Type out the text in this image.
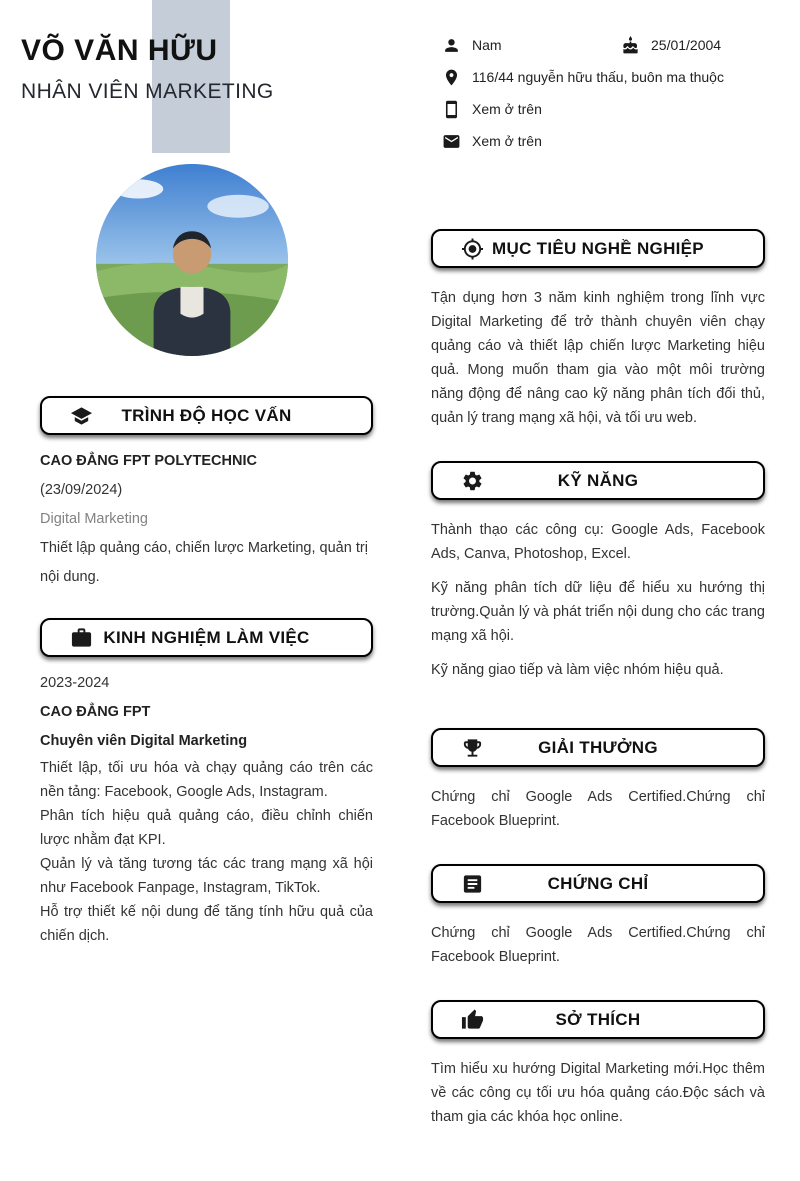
VÕ VĂN HỮU
NHÂN VIÊN MARKETING
Nam	25/01/2004
116/44 nguyễn hữu thấu, buôn ma thuộc
Xem ở trên
Xem ở trên
TRÌNH ĐỘ HỌC VẤN

CAO ĐẲNG FPT POLYTECHNIC

(23/09/2024)

Digital Marketing

Thiết lập quảng cáo, chiến lược Marketing, quản trị nội dung.

KINH NGHIỆM LÀM VIỆC

2023-2024

CAO ĐẲNG FPT

Chuyên viên Digital Marketing

Thiết lập, tối ưu hóa và chạy quảng cáo trên các nền tảng: Facebook, Google Ads, Instagram.

Phân tích hiệu quả quảng cáo, điều chỉnh chiến lược nhằm đạt KPI.

Quản lý và tăng tương tác các trang mạng xã hội như Facebook Fanpage, Instagram, TikTok.

Hỗ trợ thiết kế nội dung để tăng tính hữu quả của chiến dịch.

MỤC TIÊU NGHỀ NGHIỆP

Tận dụng hơn 3 năm kinh nghiệm trong lĩnh vực Digital Marketing để trở thành chuyên viên chạy quảng cáo và thiết lập chiến lược Marketing hiệu quả. Mong muốn tham gia vào một môi trường năng động để nâng cao kỹ năng phân tích đối thủ, quản lý trang mạng xã hội, và tối ưu web.

KỸ NĂNG

Thành thạo các công cụ: Google Ads, Facebook Ads, Canva, Photoshop, Excel.

Kỹ năng phân tích dữ liệu để hiểu xu hướng thị trường.Quản lý và phát triển nội dung cho các trang mạng xã hội.

Kỹ năng giao tiếp và làm việc nhóm hiệu quả.

GIẢI THƯỞNG

Chứng chỉ Google Ads Certified.Chứng chỉ Facebook Blueprint.

CHỨNG CHỈ

Chứng chỉ Google Ads Certified.Chứng chỉ Facebook Blueprint.

SỞ THÍCH

Tìm hiểu xu hướng Digital Marketing mới.Học thêm về các công cụ tối ưu hóa quảng cáo.Độc sách và tham gia các khóa học online.
